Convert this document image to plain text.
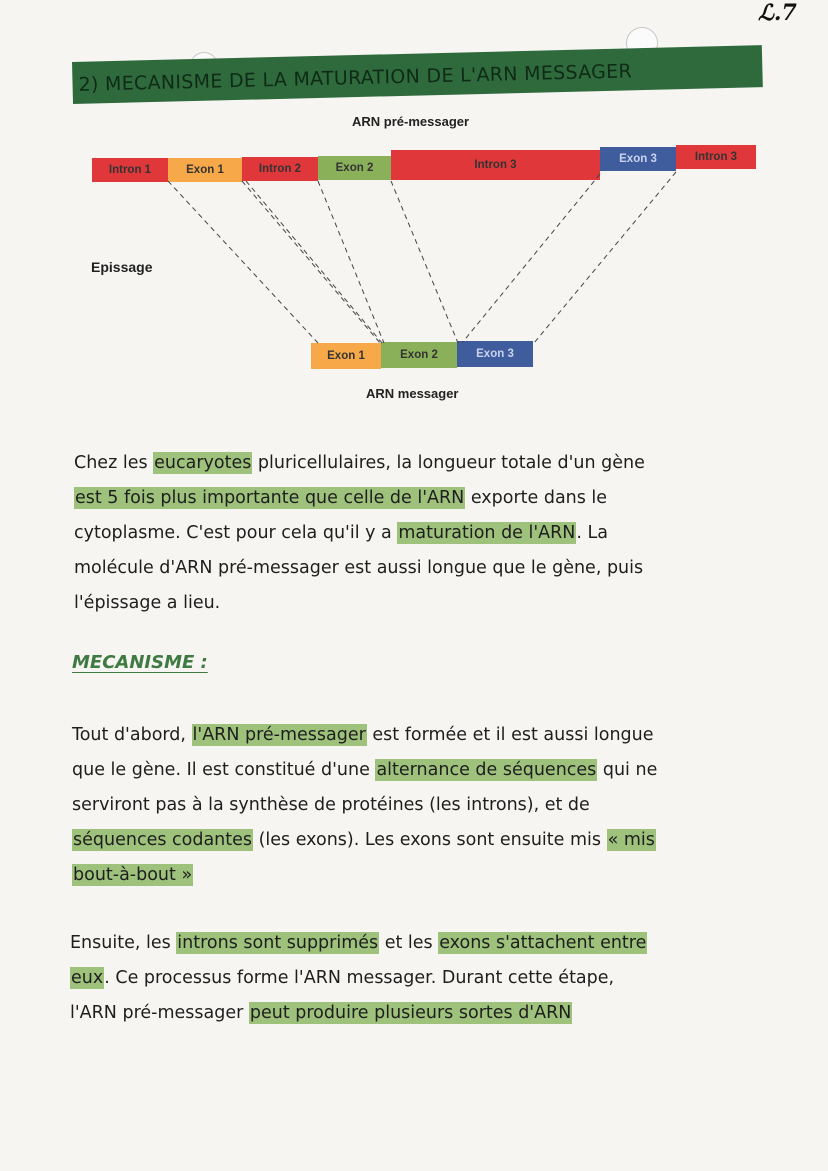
ℒ.7
2) MECANISME DE LA MATURATION DE L'ARN MESSAGER
ARN pré-messager
Epissage
ARN messager
Intron 1	Exon 1	Intron 2	Exon 2	Intron 3	Exon 3	Intron 3
Exon 1	Exon 2	Exon 3
Chez les eucaryotes pluricellulaires, la longueur totale d'un gène
est 5 fois plus importante que celle de l'ARN exporte dans le
cytoplasme. C'est pour cela qu'il y a maturation de l'ARN. La
molécule d'ARN pré-messager est aussi longue que le gène, puis
l'épissage a lieu.
MECANISME :
Tout d'abord, l'ARN pré-messager est formée et il est aussi longue
que le gène. Il est constitué d'une alternance de séquences qui ne
serviront pas à la synthèse de protéines (les introns), et de
séquences codantes (les exons). Les exons sont ensuite mis « mis
bout-à-bout »
Ensuite, les introns sont supprimés et les exons s'attachent entre
eux. Ce processus forme l'ARN messager. Durant cette étape,
l'ARN pré-messager peut produire plusieurs sortes d'ARN
